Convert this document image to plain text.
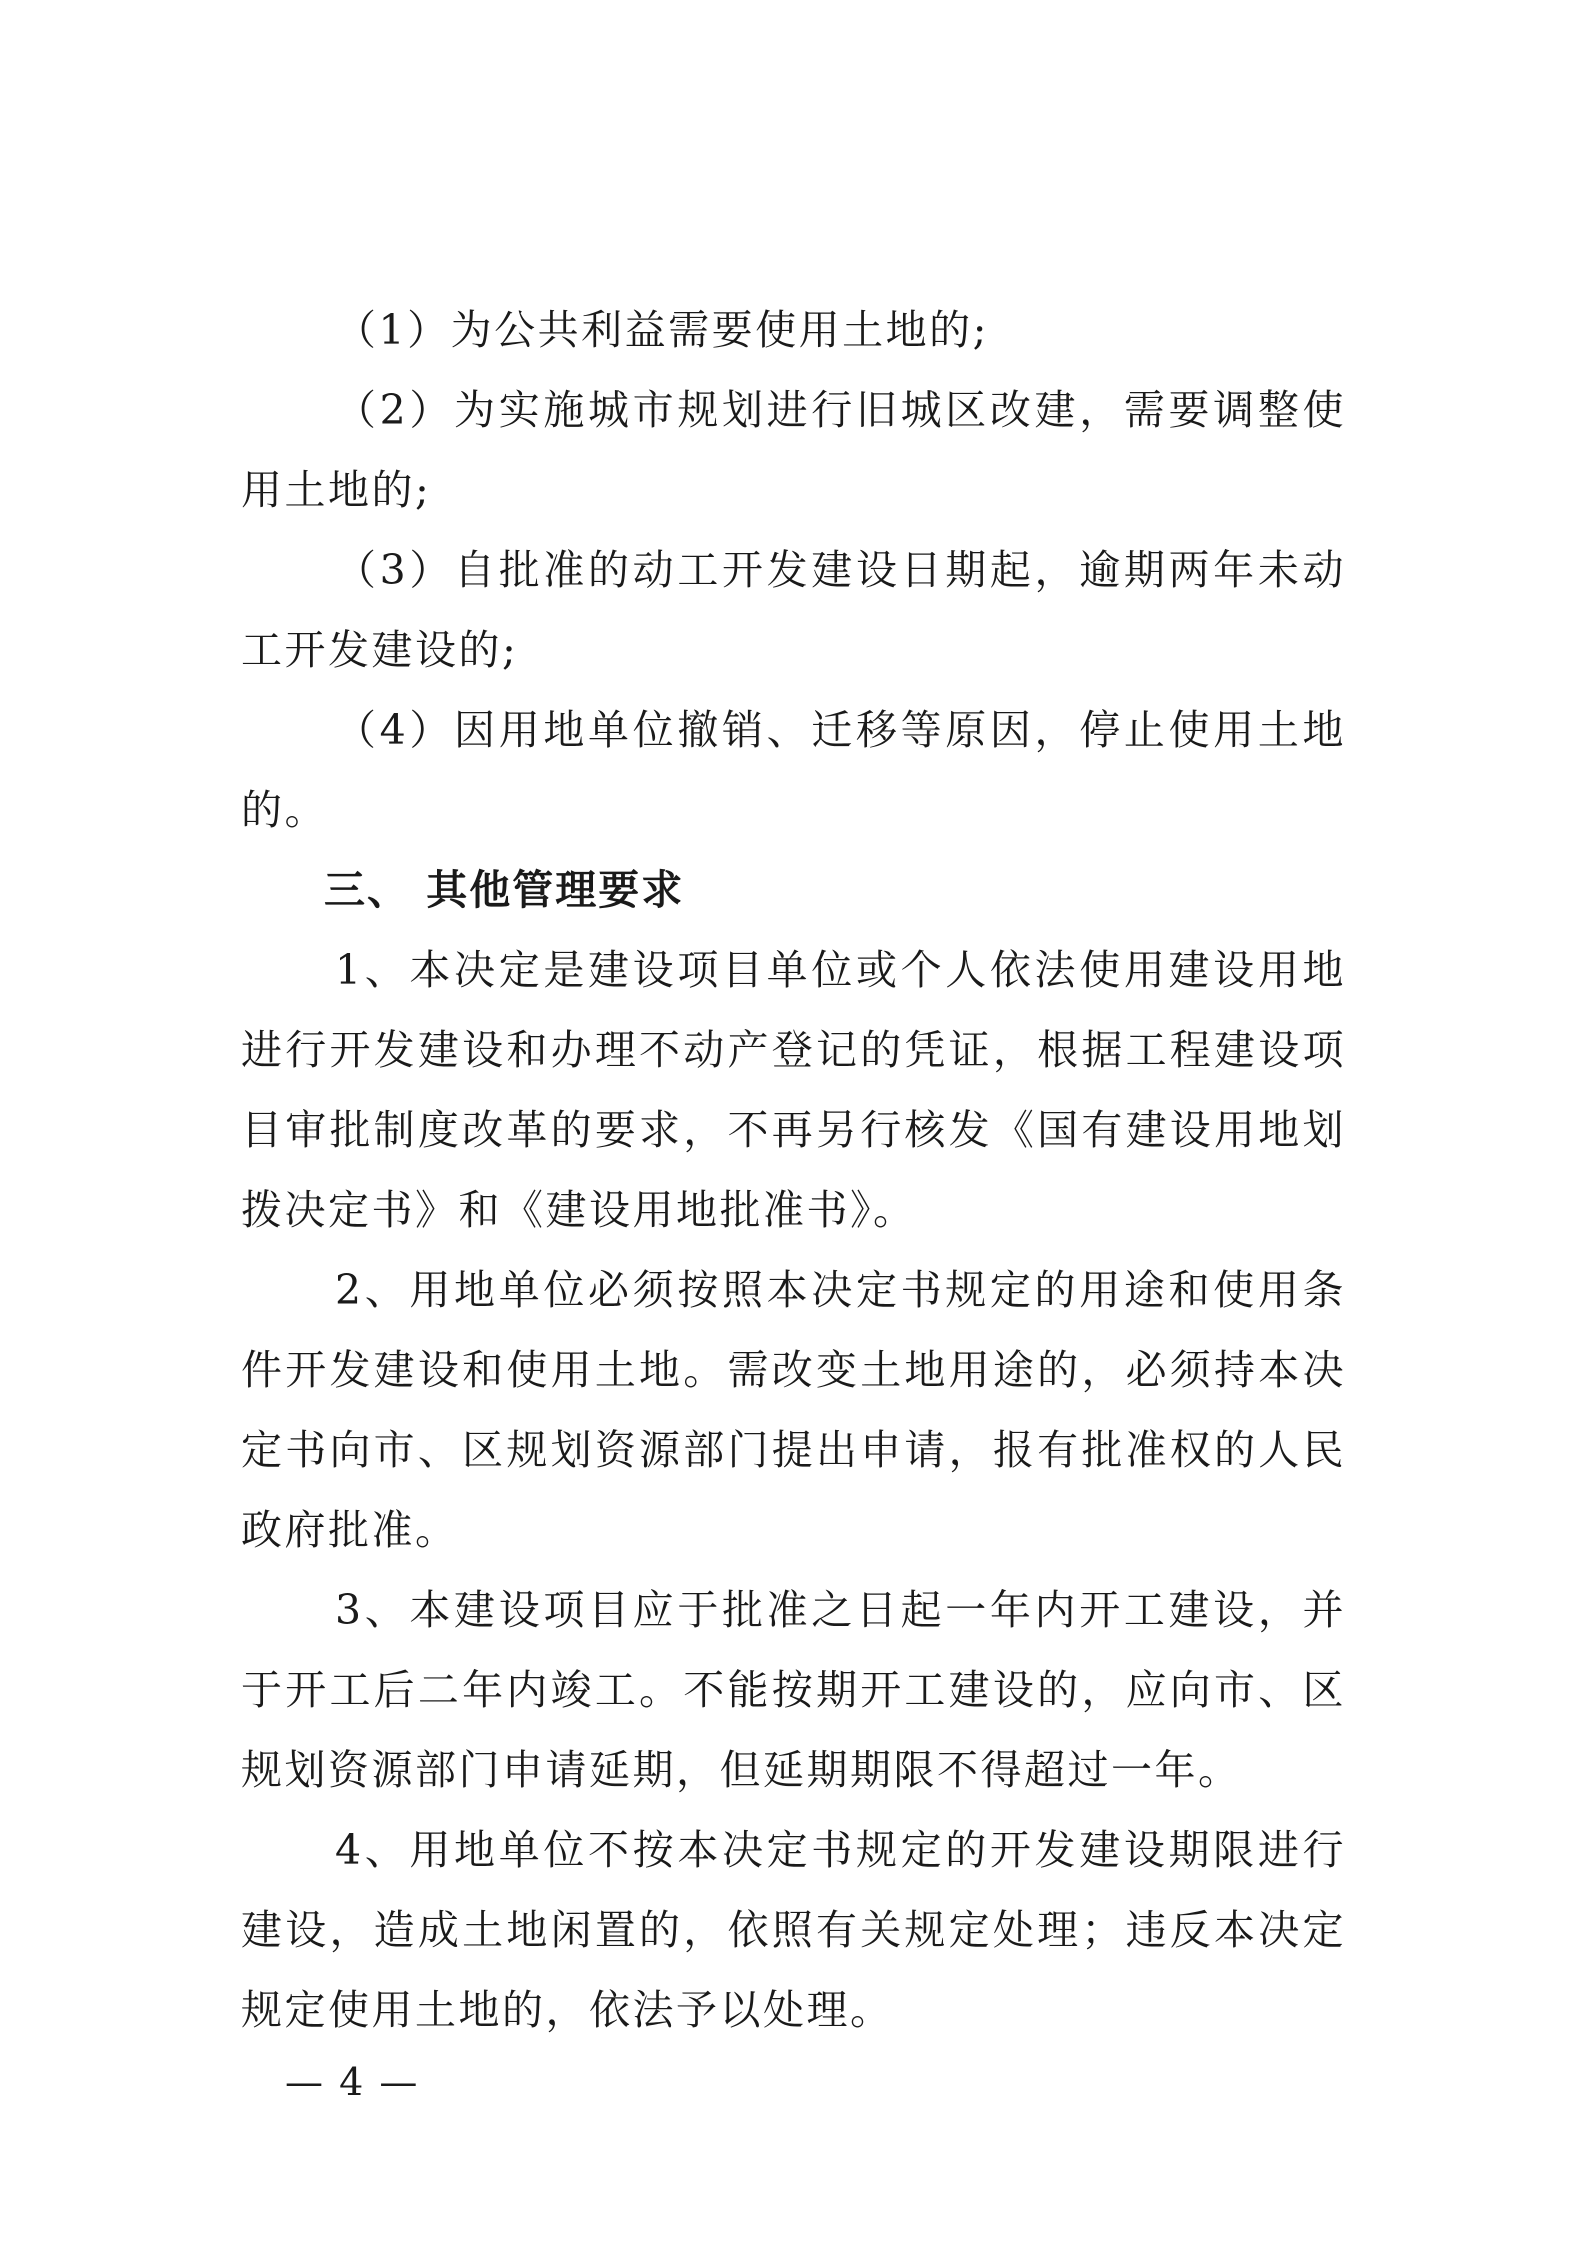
（1）为公共利益需要使用土地的;

（2）为实施城市规划进行旧城区改建，需要调整使用土地的;

（3）自批准的动工开发建设日期起，逾期两年未动工开发建设的;

（4）因用地单位撤销、迁移等原因，停止使用土地的。

三、 其他管理要求

1、本决定是建设项目单位或个人依法使用建设用地进行开发建设和办理不动产登记的凭证，根据工程建设项目审批制度改革的要求，不再另行核发《国有建设用地划拨决定书》和《建设用地批准书》。

2、用地单位必须按照本决定书规定的用途和使用条件开发建设和使用土地。需改变土地用途的，必须持本决定书向市、区规划资源部门提出申请，报有批准权的人民政府批准。

3、本建设项目应于批准之日起一年内开工建设，并于开工后二年内竣工。不能按期开工建设的，应向市、区规划资源部门申请延期，但延期期限不得超过一年。

4、用地单位不按本决定书规定的开发建设期限进行建设，造成土地闲置的，依照有关规定处理；违反本决定规定使用土地的，依法予以处理。

— 4 —
